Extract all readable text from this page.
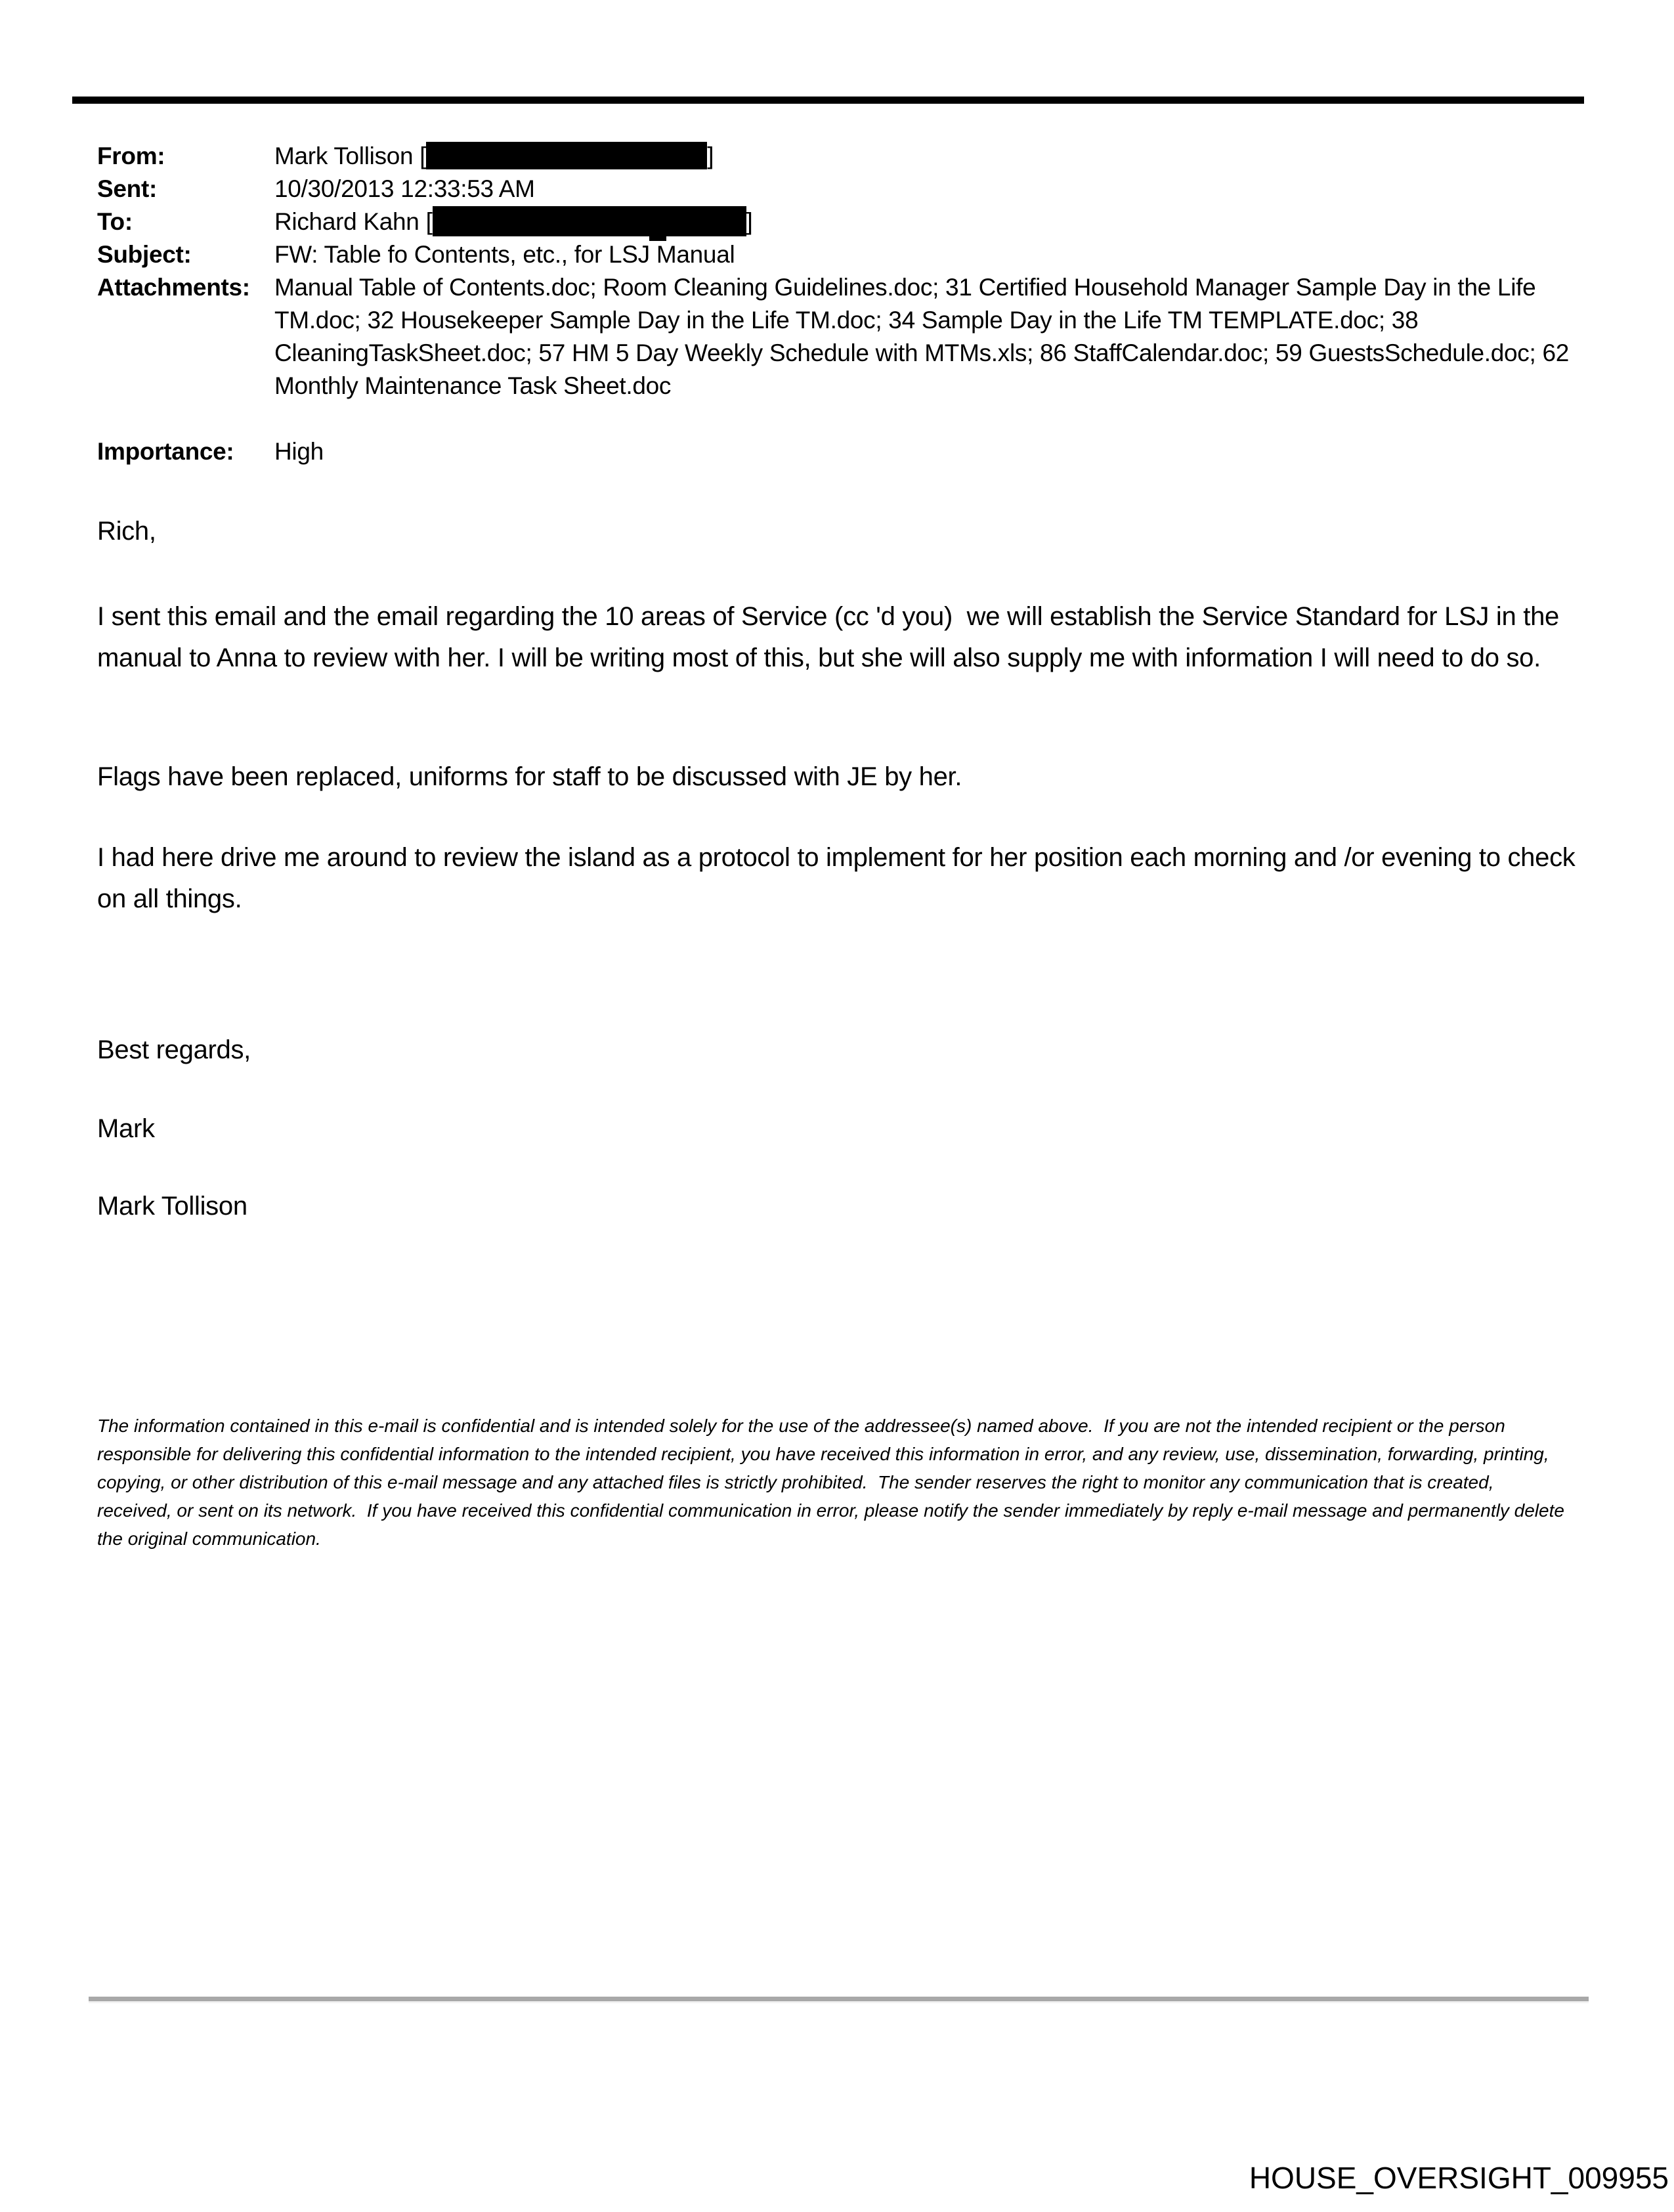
From:	Mark Tollison [	]
Sent:	10/30/2013 12:33:53 AM
To:	Richard Kahn [	]
Subject:	FW: Table fo Contents, etc., for LSJ Manual
Attachments:	Manual Table of Contents.doc; Room Cleaning Guidelines.doc; 31 Certified Household Manager Sample Day in the Life TM.doc; 32 Housekeeper Sample Day in the Life TM.doc; 34 Sample Day in the Life TM TEMPLATE.doc; 38 CleaningTaskSheet.doc; 57 HM 5 Day Weekly Schedule with MTMs.xls; 86 StaffCalendar.doc; 59 GuestsSchedule.doc; 62 Monthly Maintenance Task Sheet.doc
Importance:	High
Rich,
I sent this email and the email regarding the 10 areas of Service (cc 'd you)  we will establish the Service Standard for LSJ in the manual to Anna to review with her. I will be writing most of this, but she will also supply me with information I will need to do so.
Flags have been replaced, uniforms for staff to be discussed with JE by her.
I had here drive me around to review the island as a protocol to implement for her position each morning and /or evening to check on all things.
Best regards,
Mark
Mark Tollison
The information contained in this e-mail is confidential and is intended solely for the use of the addressee(s) named above.  If you are not the intended recipient or the person responsible for delivering this confidential information to the intended recipient, you have received this information in error, and any review, use, dissemination, forwarding, printing, copying, or other distribution of this e-mail message and any attached files is strictly prohibited.  The sender reserves the right to monitor any communication that is created, received, or sent on its network.  If you have received this confidential communication in error, please notify the sender immediately by reply e-mail message and permanently delete the original communication.
HOUSE_OVERSIGHT_009955
